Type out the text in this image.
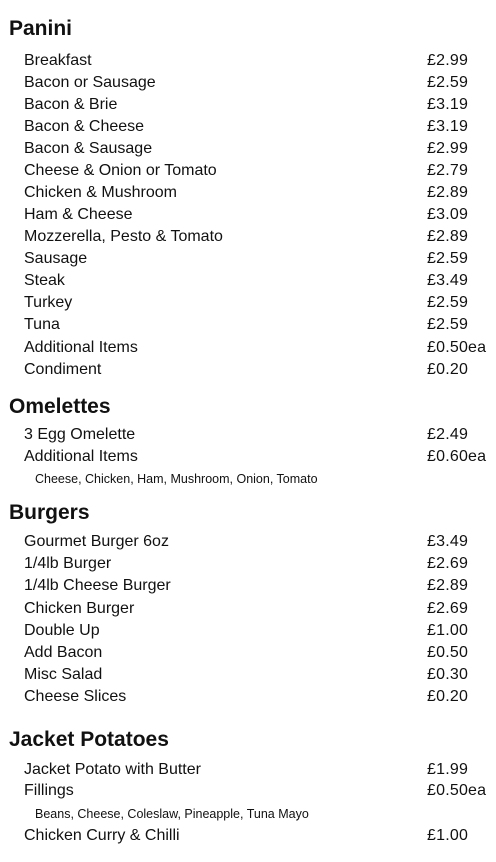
Panini
Breakfast	£2.99
Bacon or Sausage	£2.59
Bacon & Brie	£3.19
Bacon & Cheese	£3.19
Bacon & Sausage	£2.99
Cheese & Onion or Tomato	£2.79
Chicken & Mushroom	£2.89
Ham & Cheese	£3.09
Mozzerella, Pesto & Tomato	£2.89
Sausage	£2.59
Steak	£3.49
Turkey	£2.59
Tuna	£2.59
Additional Items	£0.50ea
Condiment	£0.20
Omelettes
3 Egg Omelette	£2.49
Additional Items	£0.60ea
Cheese, Chicken, Ham, Mushroom, Onion, Tomato
Burgers
Gourmet Burger 6oz	£3.49
1/4lb Burger	£2.69
1/4lb Cheese Burger	£2.89
Chicken Burger	£2.69
Double Up	£1.00
Add Bacon	£0.50
Misc Salad	£0.30
Cheese Slices	£0.20
Jacket Potatoes
Jacket Potato with Butter	£1.99
Fillings	£0.50ea
Beans, Cheese, Coleslaw, Pineapple, Tuna Mayo
Chicken Curry & Chilli	£1.00
